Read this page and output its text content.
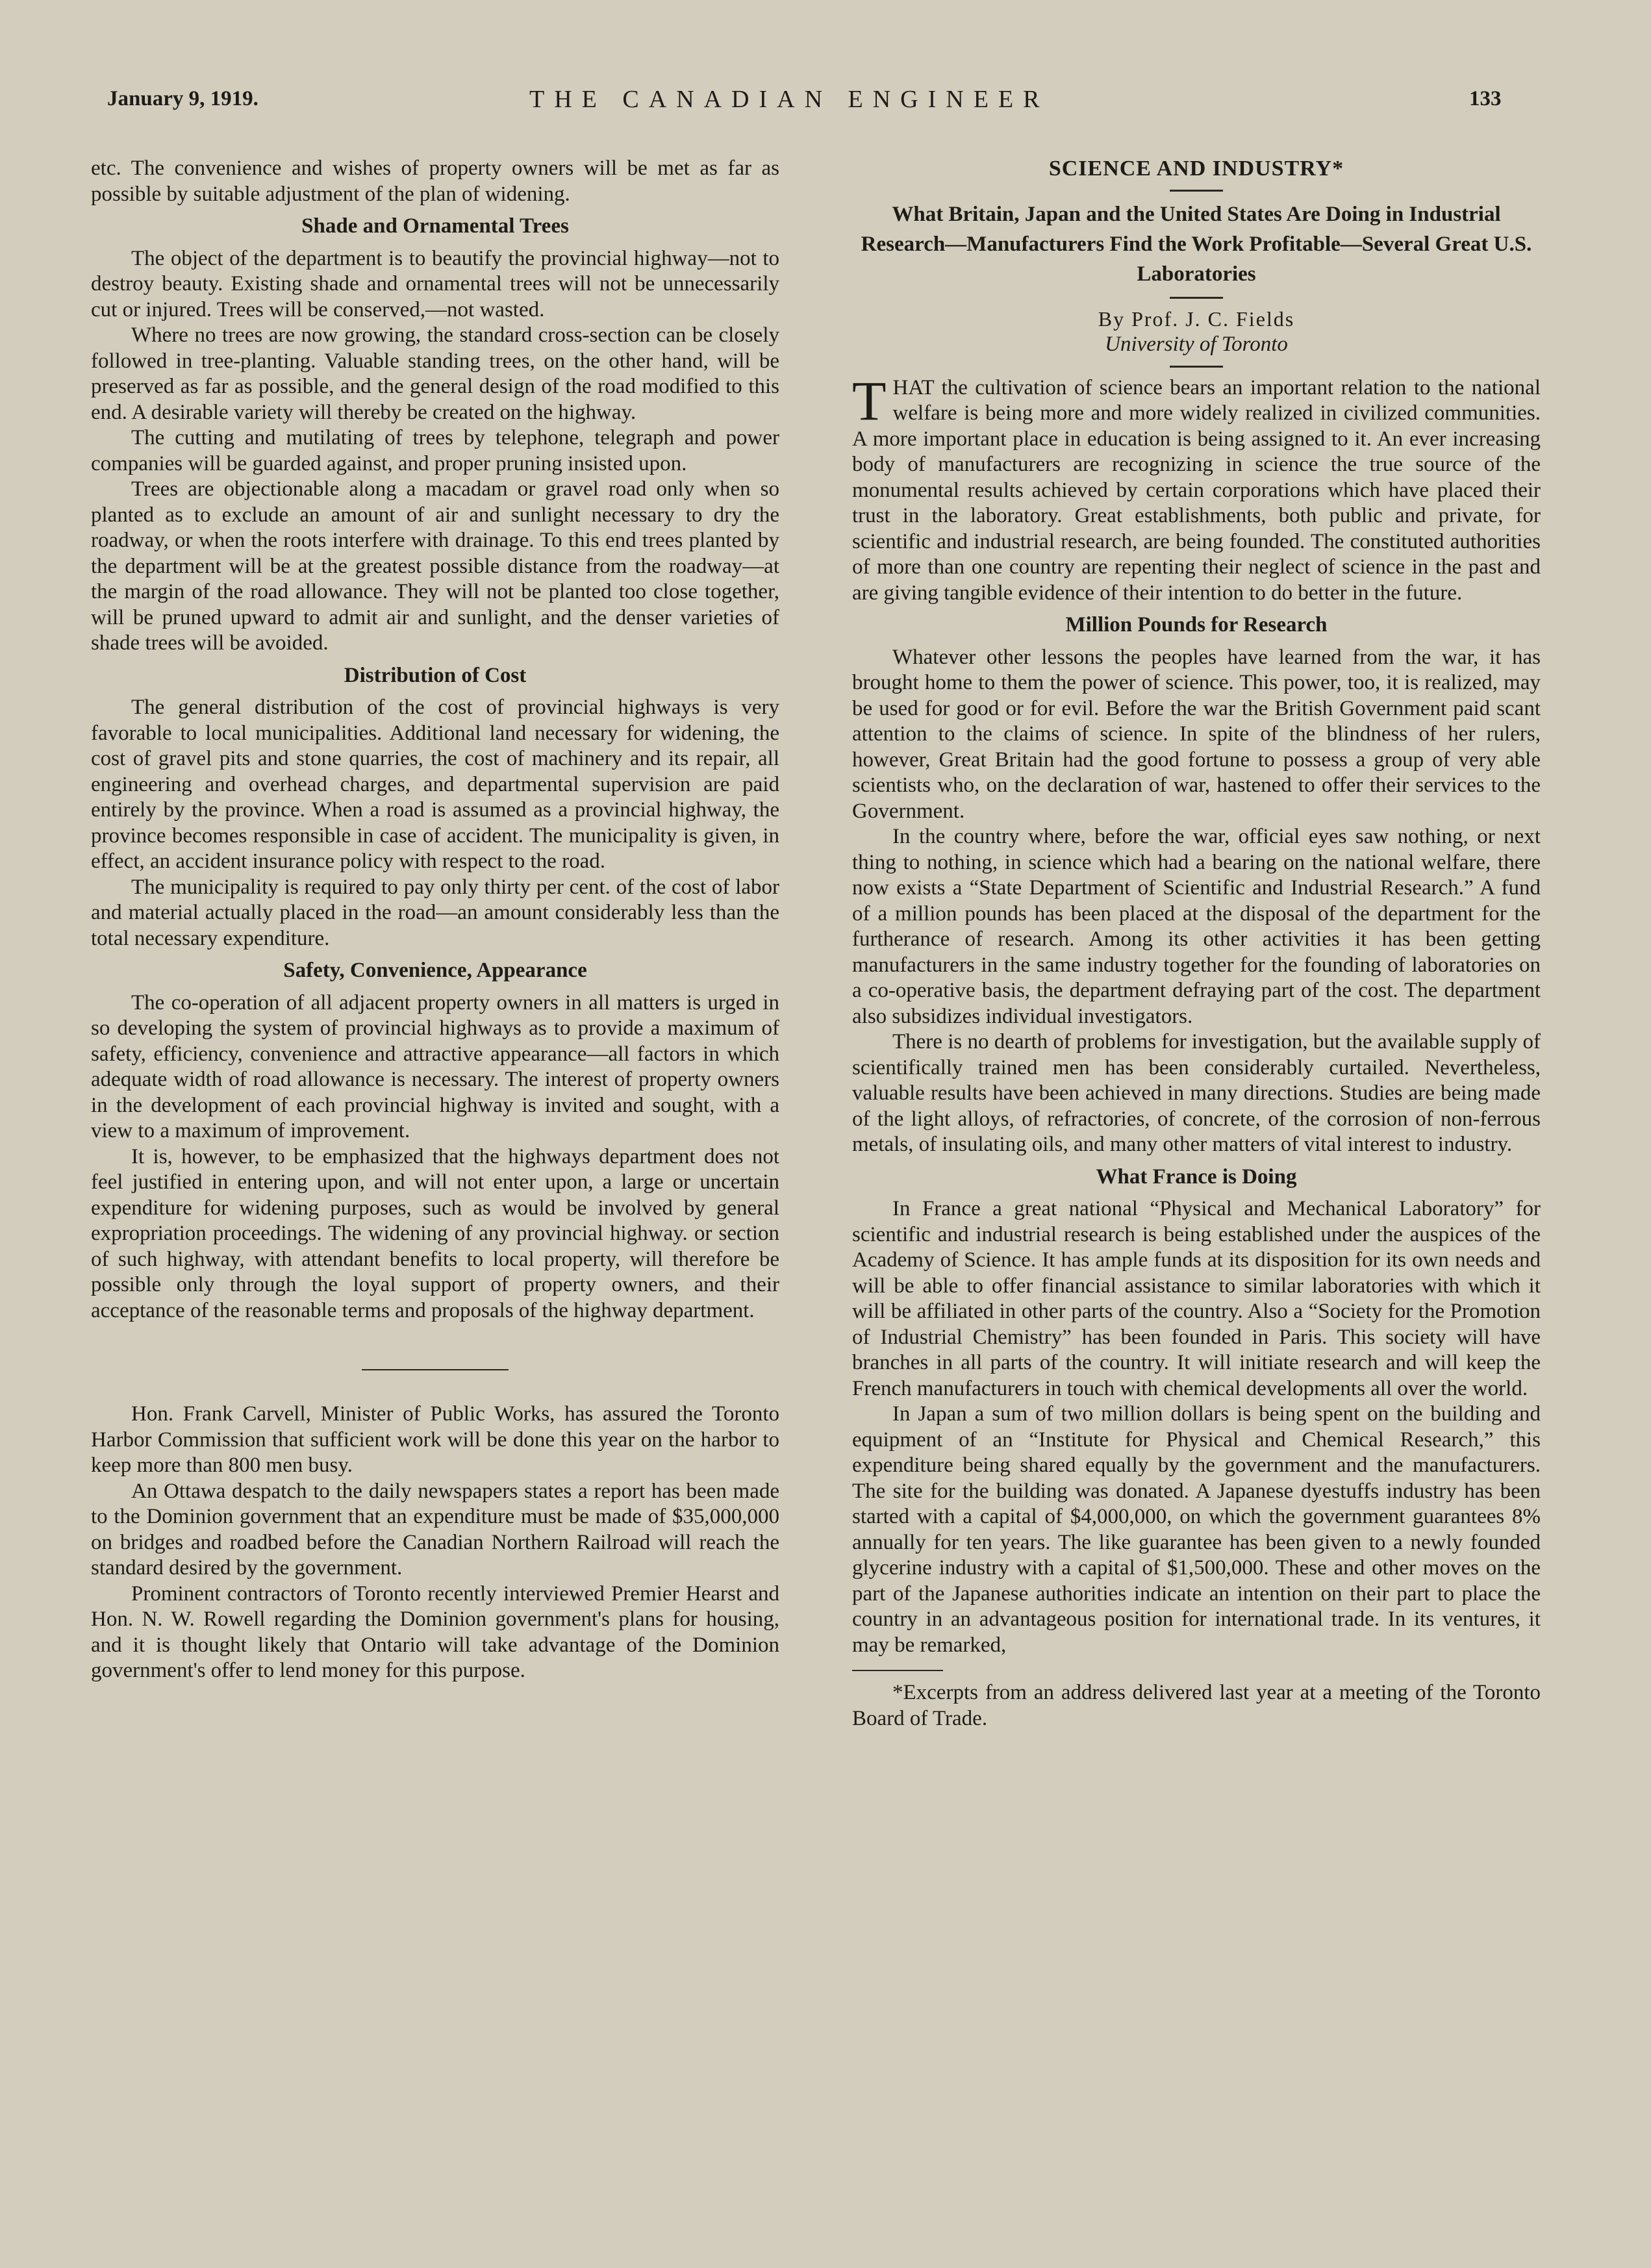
January 9, 1919.	THE CANADIAN ENGINEER	133

etc. The convenience and wishes of property owners will be met as far as possible by suitable adjustment of the plan of widening.

Shade and Ornamental Trees

The object of the department is to beautify the provincial highway—not to destroy beauty. Existing shade and ornamental trees will not be unnecessarily cut or injured. Trees will be conserved,—not wasted.

Where no trees are now growing, the standard cross-section can be closely followed in tree-planting. Valuable standing trees, on the other hand, will be preserved as far as possible, and the general design of the road modified to this end. A desirable variety will thereby be created on the highway.

The cutting and mutilating of trees by telephone, telegraph and power companies will be guarded against, and proper pruning insisted upon.

Trees are objectionable along a macadam or gravel road only when so planted as to exclude an amount of air and sunlight necessary to dry the roadway, or when the roots interfere with drainage. To this end trees planted by the department will be at the greatest possible distance from the roadway—at the margin of the road allowance. They will not be planted too close together, will be pruned upward to admit air and sunlight, and the denser varieties of shade trees will be avoided.

Distribution of Cost

The general distribution of the cost of provincial highways is very favorable to local municipalities. Additional land necessary for widening, the cost of gravel pits and stone quarries, the cost of machinery and its repair, all engineering and overhead charges, and departmental supervision are paid entirely by the province. When a road is assumed as a provincial highway, the province becomes responsible in case of accident. The municipality is given, in effect, an accident insurance policy with respect to the road.

The municipality is required to pay only thirty per cent. of the cost of labor and material actually placed in the road—an amount considerably less than the total necessary expenditure.

Safety, Convenience, Appearance

The co-operation of all adjacent property owners in all matters is urged in so developing the system of provincial highways as to provide a maximum of safety, efficiency, convenience and attractive appearance—all factors in which adequate width of road allowance is necessary. The interest of property owners in the development of each provincial highway is invited and sought, with a view to a maximum of improvement.

It is, however, to be emphasized that the highways department does not feel justified in entering upon, and will not enter upon, a large or uncertain expenditure for widening purposes, such as would be involved by general expropriation proceedings. The widening of any provincial highway. or section of such highway, with attendant benefits to local property, will therefore be possible only through the loyal support of property owners, and their acceptance of the reasonable terms and proposals of the highway department.

Hon. Frank Carvell, Minister of Public Works, has assured the Toronto Harbor Commission that sufficient work will be done this year on the harbor to keep more than 800 men busy.

An Ottawa despatch to the daily newspapers states a report has been made to the Dominion government that an expenditure must be made of $35,000,000 on bridges and roadbed before the Canadian Northern Railroad will reach the standard desired by the government.

Prominent contractors of Toronto recently interviewed Premier Hearst and Hon. N. W. Rowell regarding the Dominion government's plans for housing, and it is thought likely that Ontario will take advantage of the Dominion government's offer to lend money for this purpose.

SCIENCE AND INDUSTRY*
What Britain, Japan and the United States Are Doing in Industrial Research—Manufacturers Find the Work Profitable—Several Great U.S. Laboratories
By Prof. J. C. Fields
University of Toronto

THAT the cultivation of science bears an important relation to the national welfare is being more and more widely realized in civilized communities. A more important place in education is being assigned to it. An ever increasing body of manufacturers are recognizing in science the true source of the monumental results achieved by certain corporations which have placed their trust in the laboratory. Great establishments, both public and private, for scientific and industrial research, are being founded. The constituted authorities of more than one country are repenting their neglect of science in the past and are giving tangible evidence of their intention to do better in the future.

Million Pounds for Research

Whatever other lessons the peoples have learned from the war, it has brought home to them the power of science. This power, too, it is realized, may be used for good or for evil. Before the war the British Government paid scant attention to the claims of science. In spite of the blindness of her rulers, however, Great Britain had the good fortune to possess a group of very able scientists who, on the declaration of war, hastened to offer their services to the Government.

In the country where, before the war, official eyes saw nothing, or next thing to nothing, in science which had a bearing on the national welfare, there now exists a “State Department of Scientific and Industrial Research.” A fund of a million pounds has been placed at the disposal of the department for the furtherance of research. Among its other activities it has been getting manufacturers in the same industry together for the founding of laboratories on a co-operative basis, the department defraying part of the cost. The department also subsidizes individual investigators.

There is no dearth of problems for investigation, but the available supply of scientifically trained men has been considerably curtailed. Nevertheless, valuable results have been achieved in many directions. Studies are being made of the light alloys, of refractories, of concrete, of the corrosion of non-ferrous metals, of insulating oils, and many other matters of vital interest to industry.

What France is Doing

In France a great national “Physical and Mechanical Laboratory” for scientific and industrial research is being established under the auspices of the Academy of Science. It has ample funds at its disposition for its own needs and will be able to offer financial assistance to similar laboratories with which it will be affiliated in other parts of the country. Also a “Society for the Promotion of Industrial Chemistry” has been founded in Paris. This society will have branches in all parts of the country. It will initiate research and will keep the French manufacturers in touch with chemical developments all over the world.

In Japan a sum of two million dollars is being spent on the building and equipment of an “Institute for Physical and Chemical Research,” this expenditure being shared equally by the government and the manufacturers. The site for the building was donated. A Japanese dyestuffs industry has been started with a capital of $4,000,000, on which the government guarantees 8% annually for ten years. The like guarantee has been given to a newly founded glycerine industry with a capital of $1,500,000. These and other moves on the part of the Japanese authorities indicate an intention on their part to place the country in an advantageous position for international trade. In its ventures, it may be remarked,

*Excerpts from an address delivered last year at a meeting of the Toronto Board of Trade.
